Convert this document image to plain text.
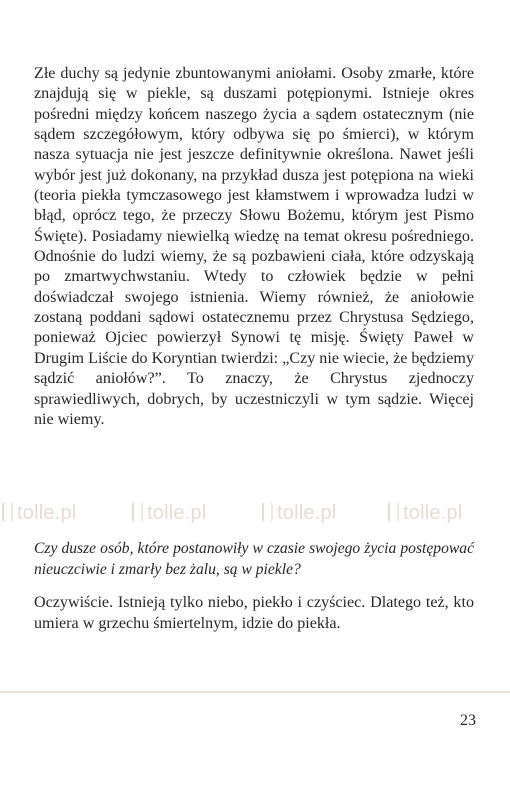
Złe duchy są jedynie zbuntowanymi aniołami. Osoby zmarłe, które znajdują się w piekle, są duszami potępionymi. Istnieje okres pośredni między końcem naszego życia a sądem ostatecznym (nie sądem szczegółowym, który odbywa się po śmierci), w którym nasza sytuacja nie jest jeszcze definitywnie określona. Nawet jeśli wybór jest już dokonany, na przykład dusza jest potępiona na wieki (teoria piekła tymczasowego jest kłamstwem i wprowadza ludzi w błąd, oprócz tego, że przeczy Słowu Bożemu, którym jest Pismo Święte). Posiadamy niewielką wiedzę na temat okresu pośredniego. Odnośnie do ludzi wiemy, że są pozbawieni ciała, które odzyskają po zmartwychwstaniu. Wtedy to człowiek będzie w pełni doświadczał swojego istnienia. Wiemy również, że aniołowie zostaną poddani sądowi ostatecznemu przez Chrystusa Sędziego, ponieważ Ojciec powierzył Synowi tę misję. Święty Paweł w Drugim Liście do Koryntian twierdzi: „Czy nie wiecie, że będziemy sądzić aniołów?”. To znaczy, że Chrystus zjednoczy sprawiedliwych, dobrych, by uczestniczyli w tym sądzie. Więcej nie wiemy.

tolle.pl	tolle.pl	tolle.pl	tolle.pl

Czy dusze osób, które postanowiły w czasie swojego życia postępować nieuczciwie i zmarły bez żalu, są w piekle?

Oczywiście. Istnieją tylko niebo, piekło i czyściec. Dlatego też, kto umiera w grzechu śmiertelnym, idzie do piekła.

23
